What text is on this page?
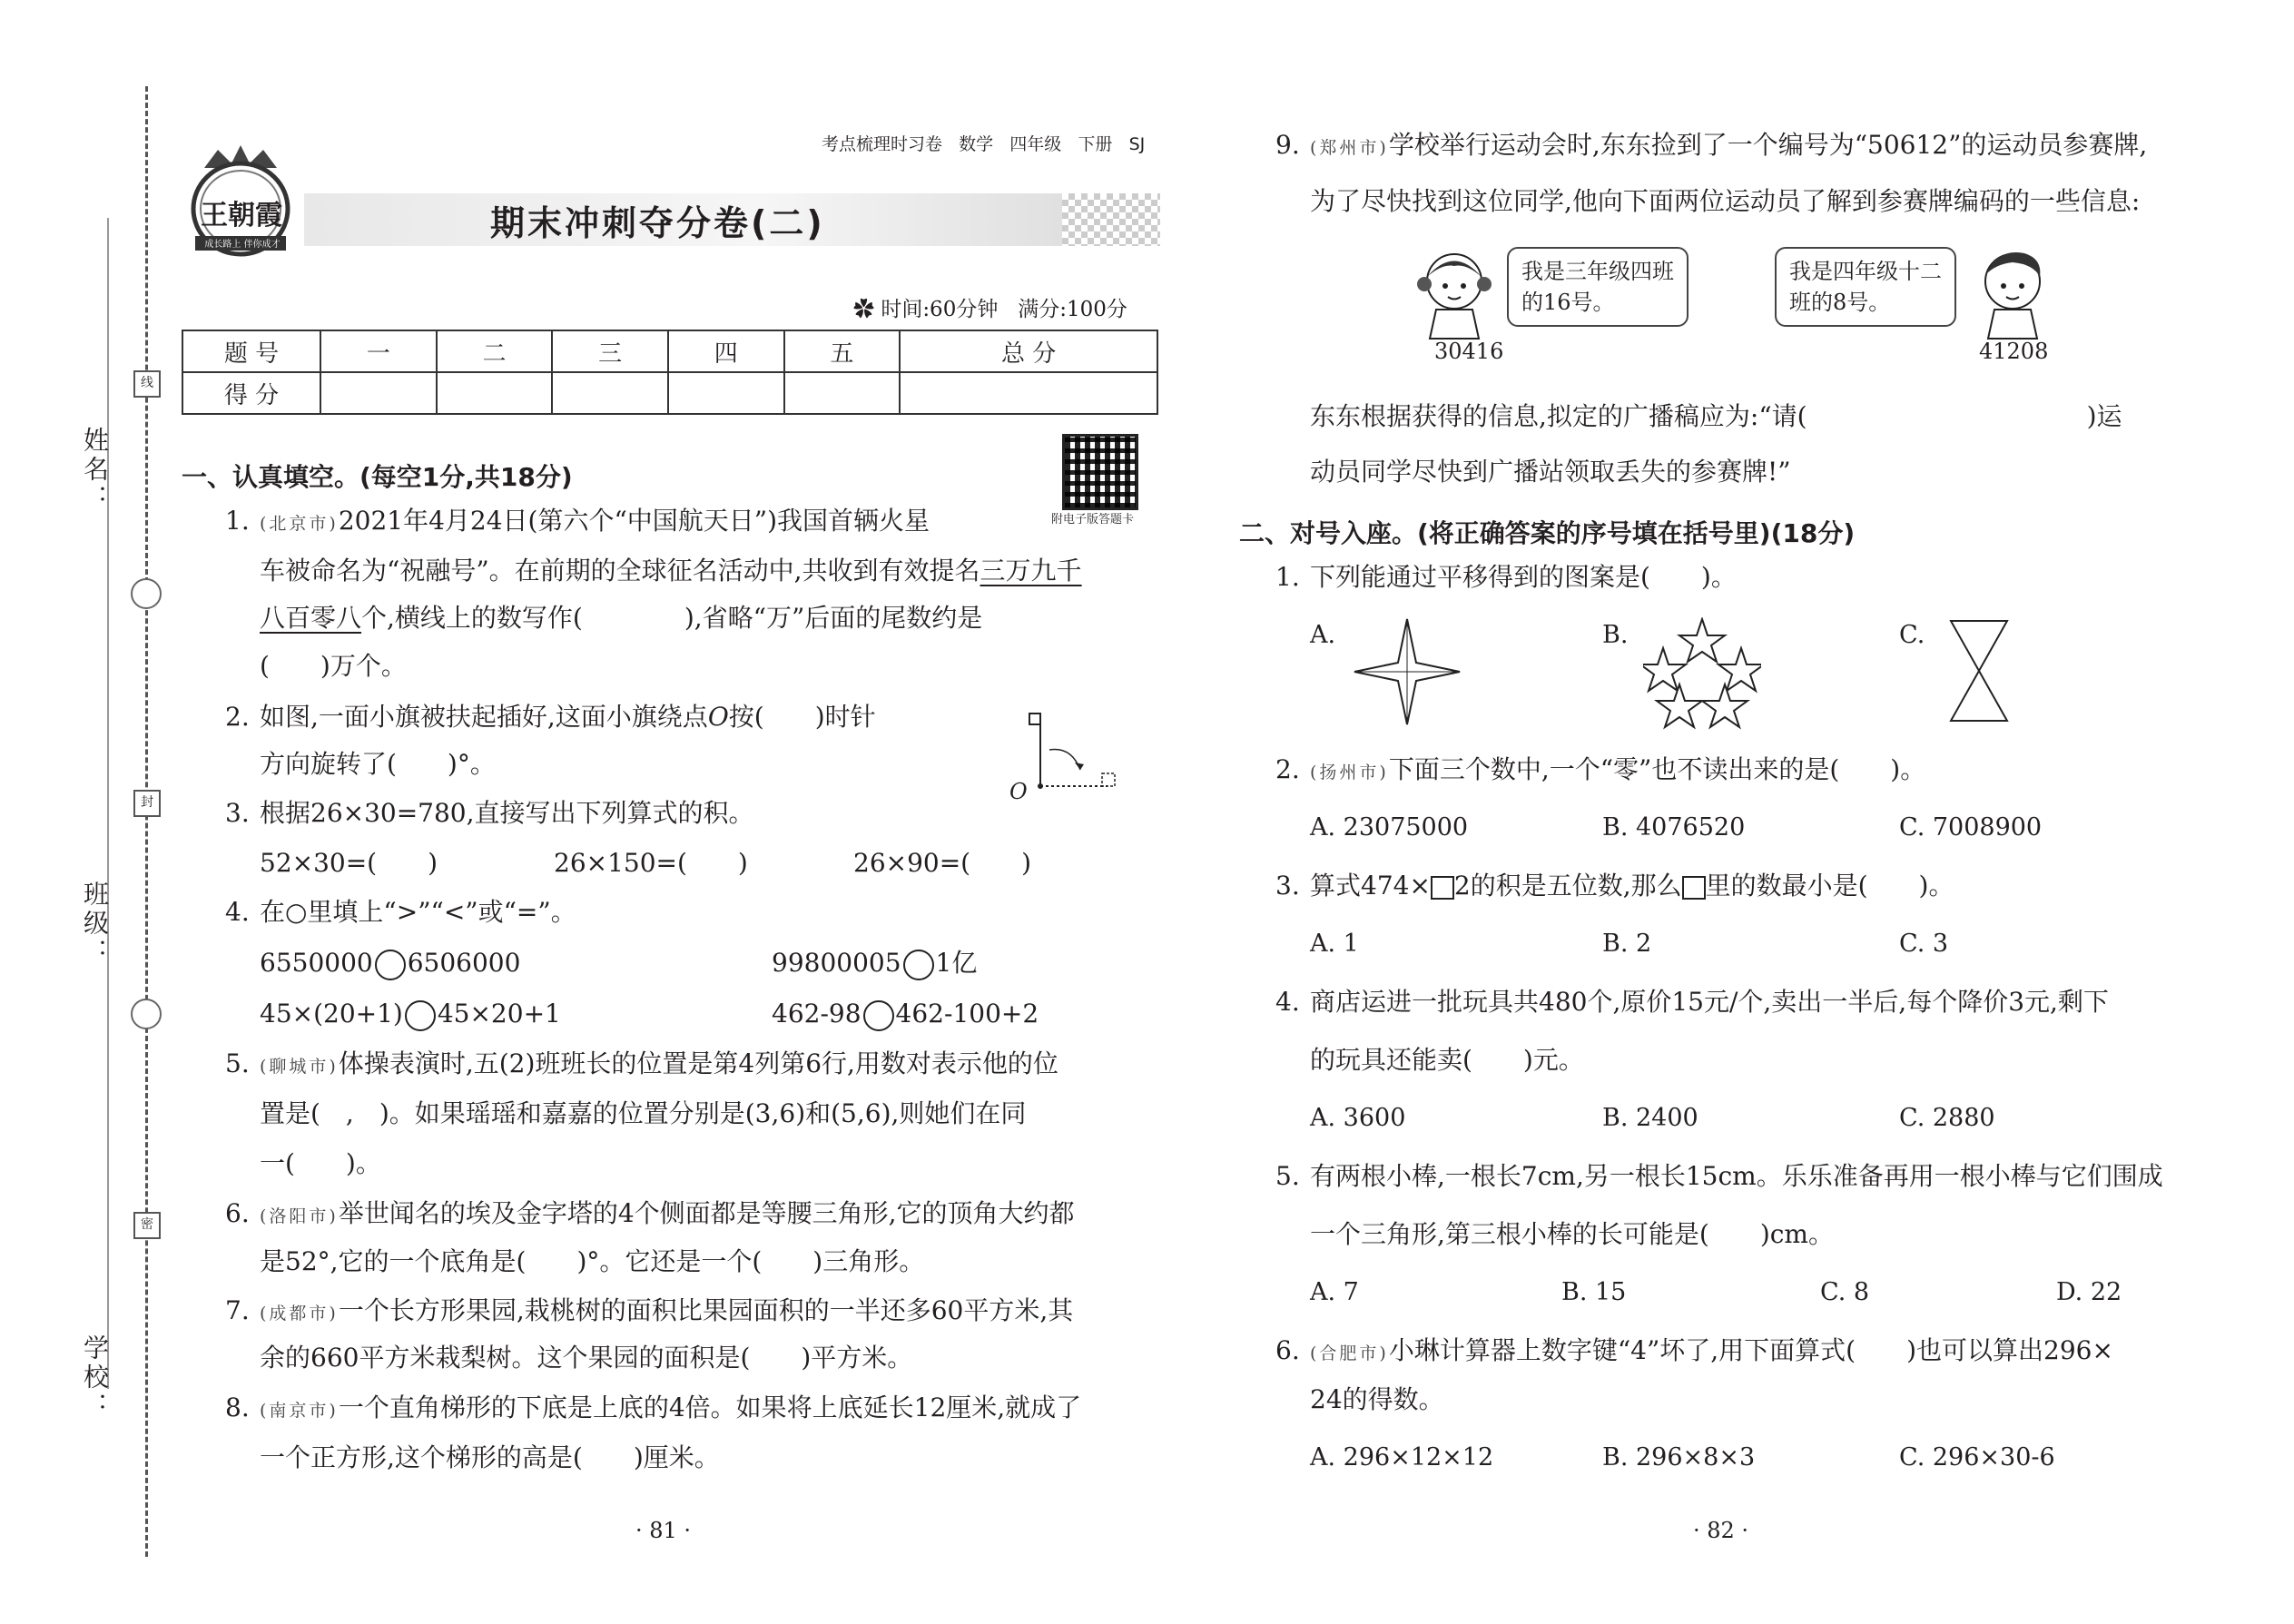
姓名：
班级：
学校：
线
封
密
王朝霞
成长路上 伴你成才
考点梳理时习卷 数学 四年级 下册 SJ
期末冲刺夺分卷(二)
✿ 时间:60分钟 满分:100分
题 号	一	二	三	四	五	总 分
得 分						
附电子版答题卡
一、认真填空。(每空1分,共18分)
1. (北京市)2021年4月24日(第六个“中国航天日”)我国首辆火星
车被命名为“祝融号”。在前期的全球征名活动中,共收到有效提名三万九千
八百零八个,横线上的数写作(　　　　),省略“万”后面的尾数约是
(　　)万个。
2. 如图,一面小旗被扶起插好,这面小旗绕点O按(　　)时针
方向旋转了(　　)°。
O
3. 根据26×30=780,直接写出下列算式的积。
52×30=(　　)	26×150=(　　)	26×90=(　　)
4. 在○里填上“>”“<”或“=”。
6550000 6506000	99800005 1亿
45×(20+1) 45×20+1	462-98 462-100+2
5. (聊城市)体操表演时,五(2)班班长的位置是第4列第6行,用数对表示他的位
置是(　,　)。如果瑶瑶和嘉嘉的位置分别是(3,6)和(5,6),则她们在同
一(　　)。
6. (洛阳市)举世闻名的埃及金字塔的4个侧面都是等腰三角形,它的顶角大约都
是52°,它的一个底角是(　　)°。它还是一个(　　)三角形。
7. (成都市)一个长方形果园,栽桃树的面积比果园面积的一半还多60平方米,其
余的660平方米栽梨树。这个果园的面积是(　　)平方米。
8. (南京市)一个直角梯形的下底是上底的4倍。如果将上底延长12厘米,就成了
一个正方形,这个梯形的高是(　　)厘米。
· 81 ·
9. (郑州市)学校举行运动会时,东东捡到了一个编号为“50612”的运动员参赛牌,
为了尽快找到这位同学,他向下面两位运动员了解到参赛牌编码的一些信息:
我是三年级四班
的16号。
30416
我是四年级十二
班的8号。
41208
东东根据获得的信息,拟定的广播稿应为:“请(　　　　　　　　　　　)运
动员同学尽快到广播站领取丢失的参赛牌!”
二、对号入座。(将正确答案的序号填在括号里)(18分)
1. 下列能通过平移得到的图案是(　　)。
A.	B.	C.
2. (扬州市)下面三个数中,一个“零”也不读出来的是(　　)。
A. 23075000	B. 4076520	C. 7008900
3. 算式474× 2的积是五位数,那么 里的数最小是(　　)。
A. 1	B. 2	C. 3
4. 商店运进一批玩具共480个,原价15元/个,卖出一半后,每个降价3元,剩下
的玩具还能卖(　　)元。
A. 3600	B. 2400	C. 2880
5. 有两根小棒,一根长7cm,另一根长15cm。乐乐准备再用一根小棒与它们围成
一个三角形,第三根小棒的长可能是(　　)cm。
A. 7	B. 15	C. 8	D. 22
6. (合肥市)小琳计算器上数字键“4”坏了,用下面算式(　　)也可以算出296×
24的得数。
A. 296×12×12	B. 296×8×3	C. 296×30-6
· 82 ·
